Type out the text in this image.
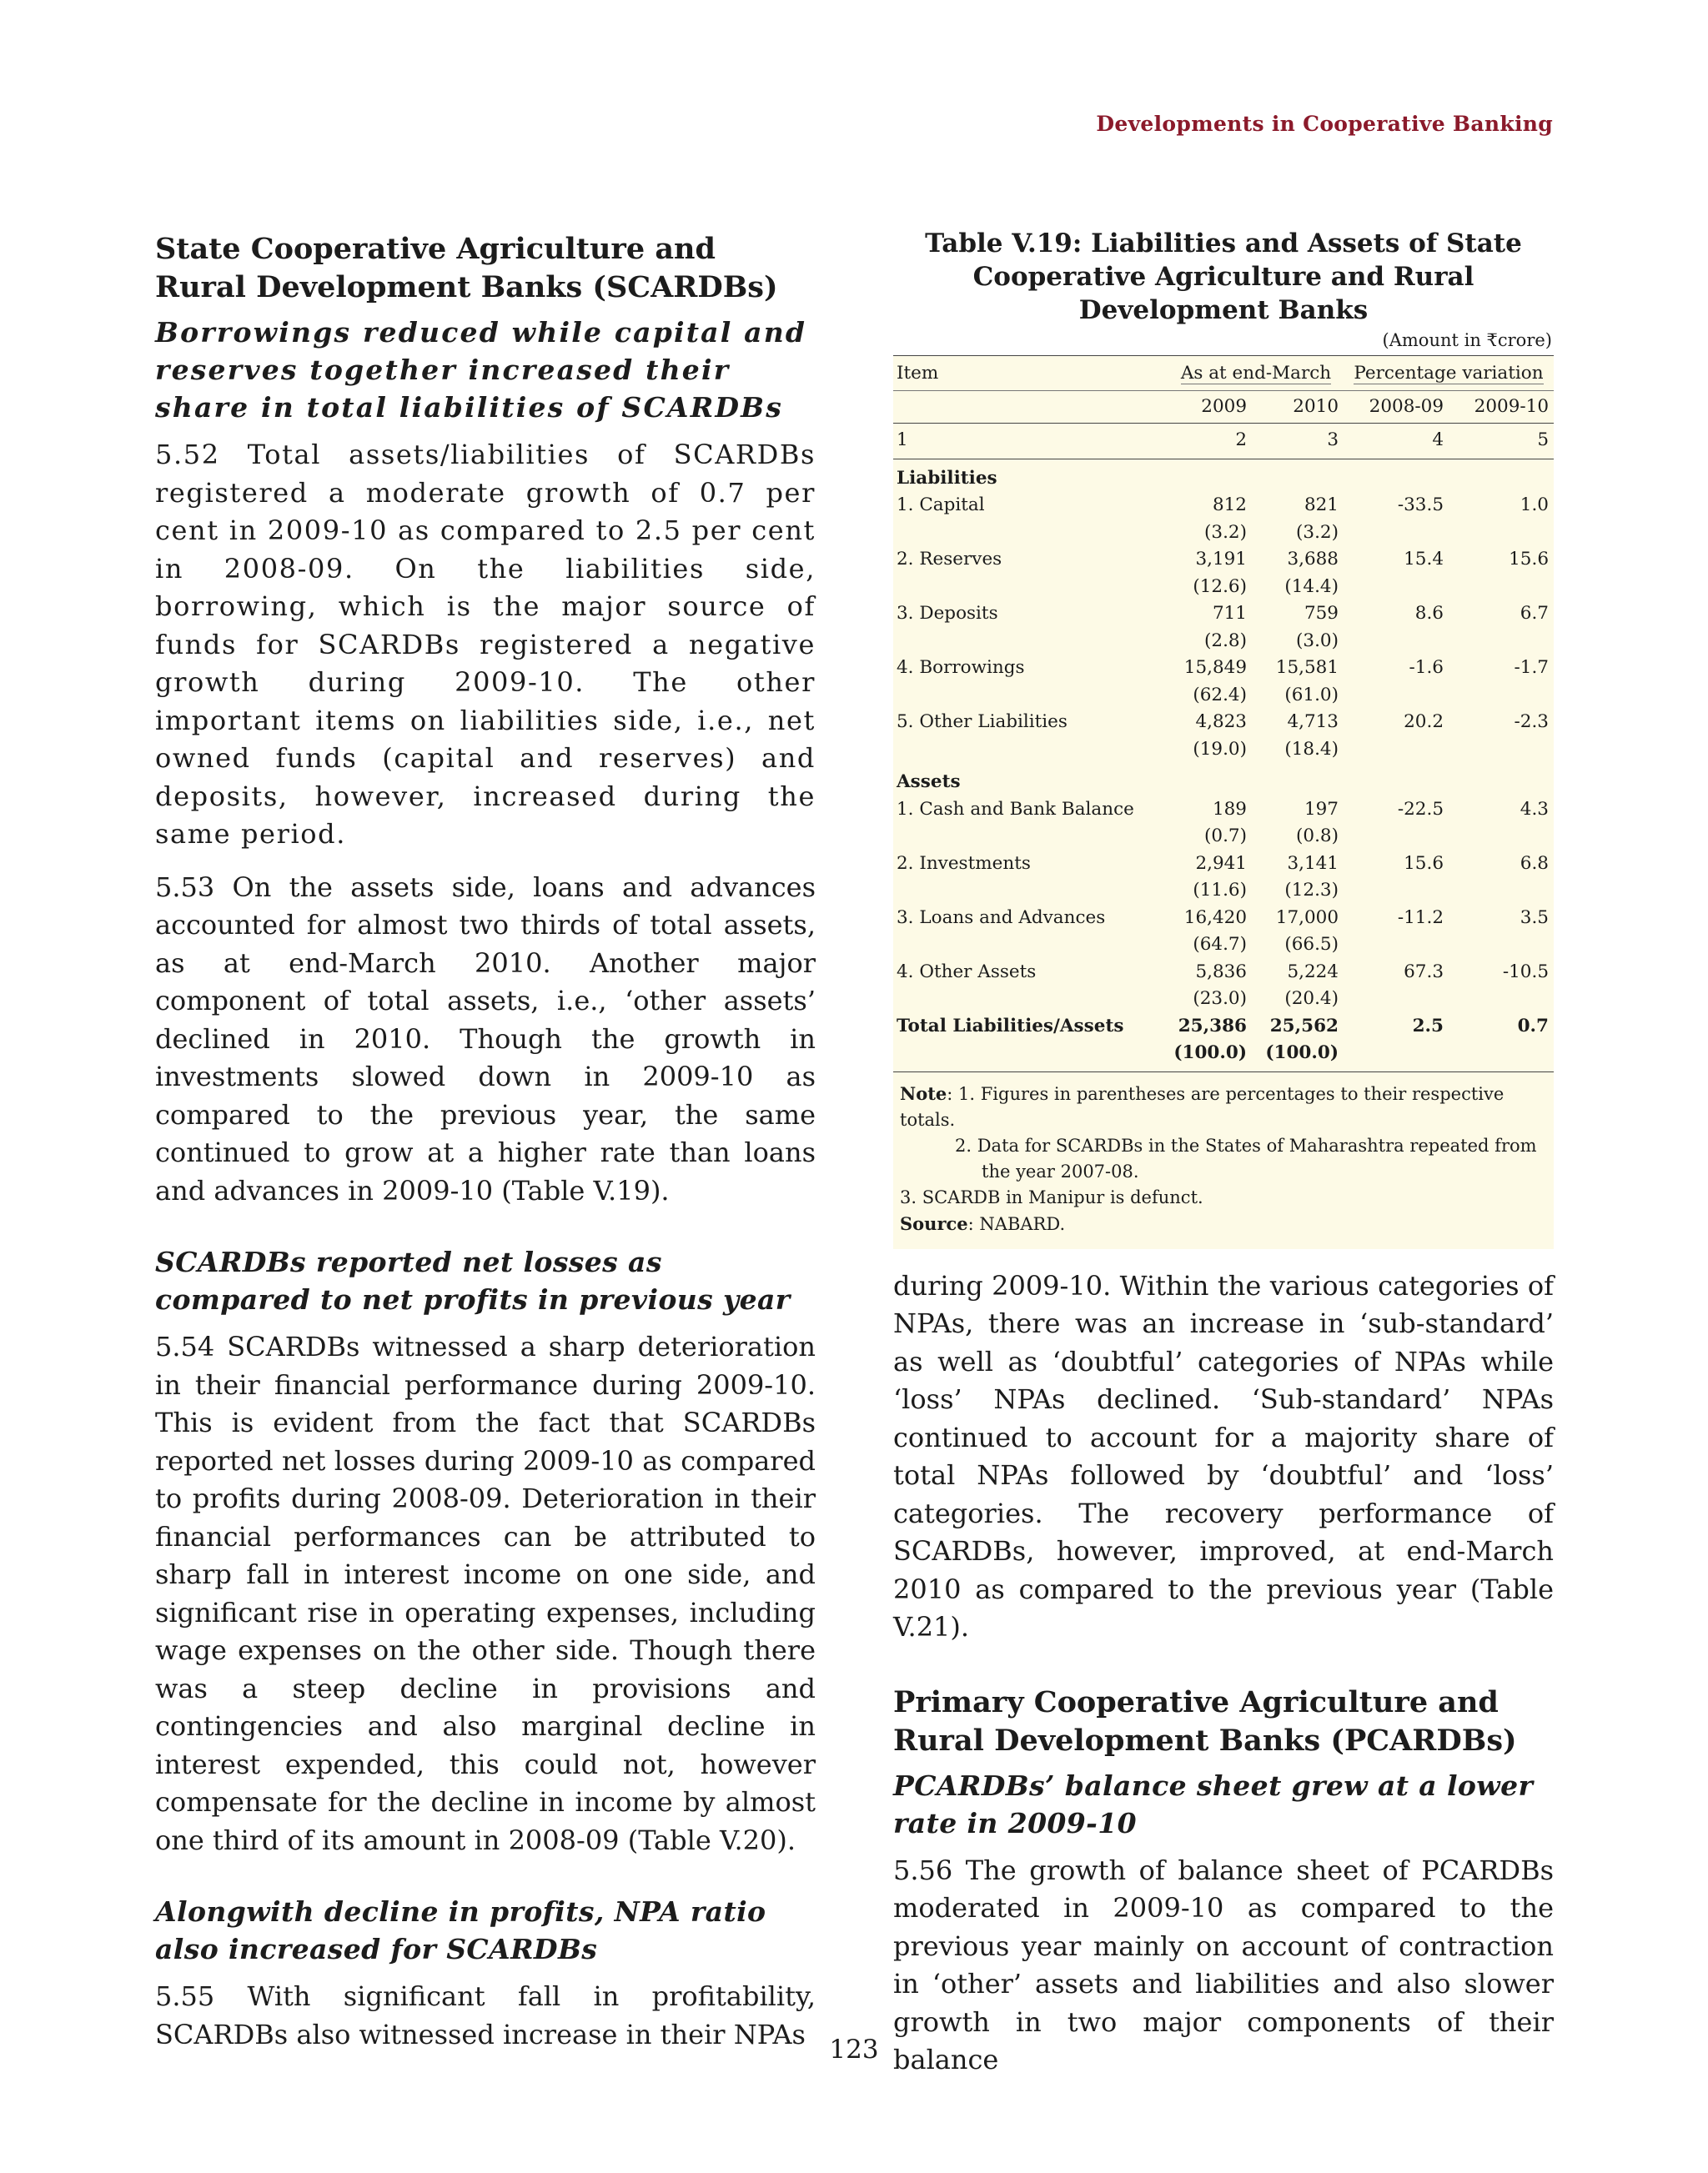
Developments in Cooperative Banking
State Cooperative Agriculture and Rural Development Banks (SCARDBs)
Borrowings reduced while capital and reserves together increased their share in total liabilities of SCARDBs

5.52 Total assets/liabilities of SCARDBs registered a moderate growth of 0.7 per cent in 2009-10 as compared to 2.5 per cent in 2008-09. On the liabilities side, borrowing, which is the major source of funds for SCARDBs registered a negative growth during 2009-10. The other important items on liabilities side, i.e., net owned funds (capital and reserves) and deposits, however, increased during the same period.

5.53 On the assets side, loans and advances accounted for almost two thirds of total assets, as at end-March 2010. Another major component of total assets, i.e., ‘other assets’ declined in 2010. Though the growth in investments slowed down in 2009-10 as compared to the previous year, the same continued to grow at a higher rate than loans and advances in 2009-10 (Table V.19).

SCARDBs reported net losses as compared to net profits in previous year

5.54 SCARDBs witnessed a sharp deterioration in their financial performance during 2009-10. This is evident from the fact that SCARDBs reported net losses during 2009-10 as compared to profits during 2008-09. Deterioration in their financial performances can be attributed to sharp fall in interest income on one side, and significant rise in operating expenses, including wage expenses on the other side. Though there was a steep decline in provisions and contingencies and also marginal decline in interest expended, this could not, however compensate for the decline in income by almost one third of its amount in 2008-09 (Table V.20).

Alongwith decline in profits, NPA ratio also increased for SCARDBs

5.55 With significant fall in profitability, SCARDBs also witnessed increase in their NPAs

Table V.19: Liabilities and Assets of State Cooperative Agriculture and Rural Development Banks
(Amount in ₹crore)
Item	As at end-March		Percentage variation	
	2009	2010	2008-09	2009-10
1	2	3	4	5
Liabilities				
1. Capital	812	821	-33.5	1.0
	(3.2)	(3.2)		
2. Reserves	3,191	3,688	15.4	15.6
	(12.6)	(14.4)		
3. Deposits	711	759	8.6	6.7
	(2.8)	(3.0)		
4. Borrowings	15,849	15,581	-1.6	-1.7
	(62.4)	(61.0)		
5. Other Liabilities	4,823	4,713	20.2	-2.3
	(19.0)	(18.4)		
Assets				
1. Cash and Bank Balance	189	197	-22.5	4.3
	(0.7)	(0.8)		
2. Investments	2,941	3,141	15.6	6.8
	(11.6)	(12.3)		
3. Loans and Advances	16,420	17,000	-11.2	3.5
	(64.7)	(66.5)		
4. Other Assets	5,836	5,224	67.3	-10.5
	(23.0)	(20.4)		
Total Liabilities/Assets	25,386	25,562	2.5	0.7
	(100.0)	(100.0)		
Note: 1. Figures in parentheses are percentages to their respective totals.
2. Data for SCARDBs in the States of Maharashtra repeated from
the year 2007-08.
3. SCARDB in Manipur is defunct.
Source: NABARD.

during 2009-10. Within the various categories of NPAs, there was an increase in ‘sub-standard’ as well as ‘doubtful’ categories of NPAs while ‘loss’ NPAs declined. ‘Sub-standard’ NPAs continued to account for a majority share of total NPAs followed by ‘doubtful’ and ‘loss’ categories. The recovery performance of SCARDBs, however, improved, at end-March 2010 as compared to the previous year (Table V.21).

Primary Cooperative Agriculture and Rural Development Banks (PCARDBs)
PCARDBs’ balance sheet grew at a lower rate in 2009-10

5.56 The growth of balance sheet of PCARDBs moderated in 2009-10 as compared to the previous year mainly on account of contraction in ‘other’ assets and liabilities and also slower growth in two major components of their balance

123
